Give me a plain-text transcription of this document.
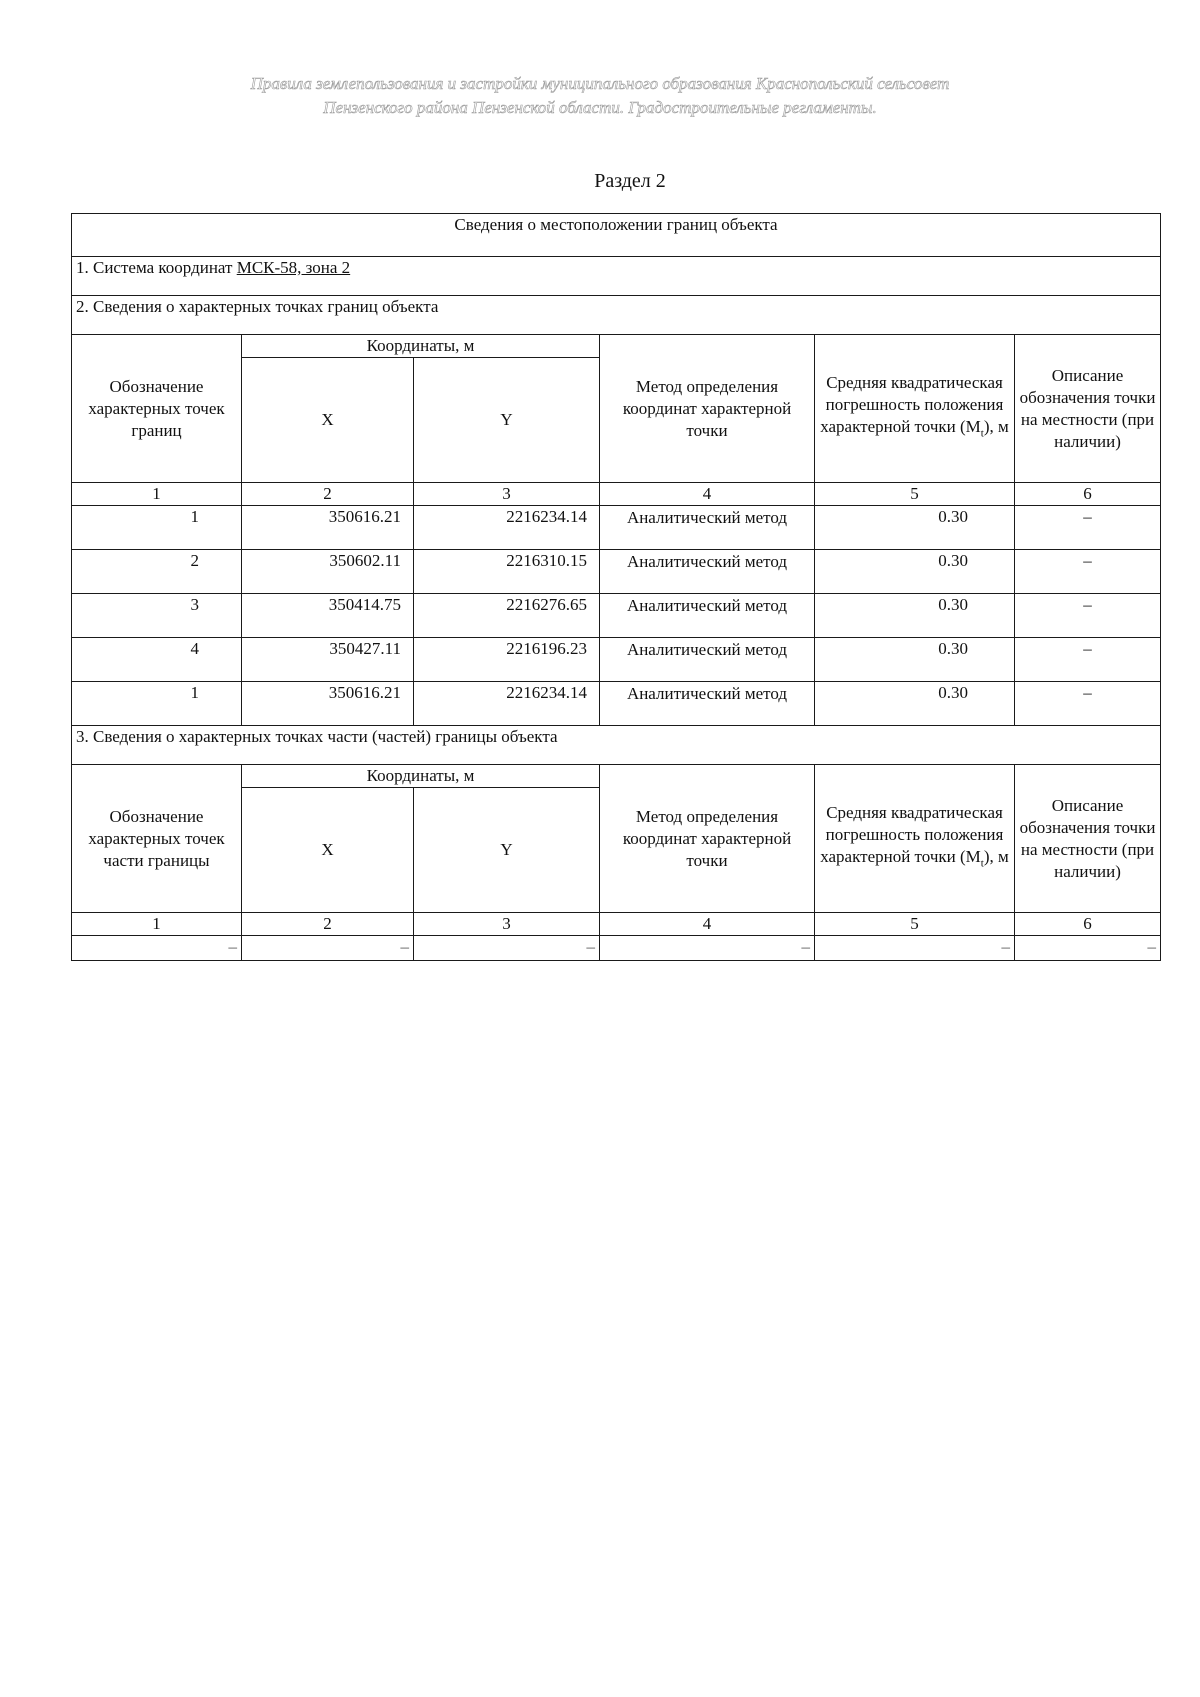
Правила землепользования и застройки муниципального образования Краснопольский сельсовет
Пензенского района Пензенской области. Градостроительные регламенты.
Раздел 2
Сведения о местоположении границ объекта					
1. Система координат МСК-58, зона 2					
2. Сведения о характерных точках границ объекта					
Обозначение характерных точек границ	Координаты, м		Метод определения координат характерной точки	Средняя квадратическая погрешность положения характерной точки $(M_t)$, м	Описание обозначения точки на местности (при наличии)
	X	Y			
1	2	3	4	5	6
1	350616.21	2216234.14	Аналитический метод	0.30	–
2	350602.11	2216310.15	Аналитический метод	0.30	–
3	350414.75	2216276.65	Аналитический метод	0.30	–
4	350427.11	2216196.23	Аналитический метод	0.30	–
1	350616.21	2216234.14	Аналитический метод	0.30	–
3. Сведения о характерных точках части (частей) границы объекта					
Обозначение характерных точек части границы	Координаты, м		Метод определения координат характерной точки	Средняя квадратическая погрешность положения характерной точки $(M_t)$, м	Описание обозначения точки на местности (при наличии)
	X	Y			
1	2	3	4	5	6
–	–	–	–	–	–
